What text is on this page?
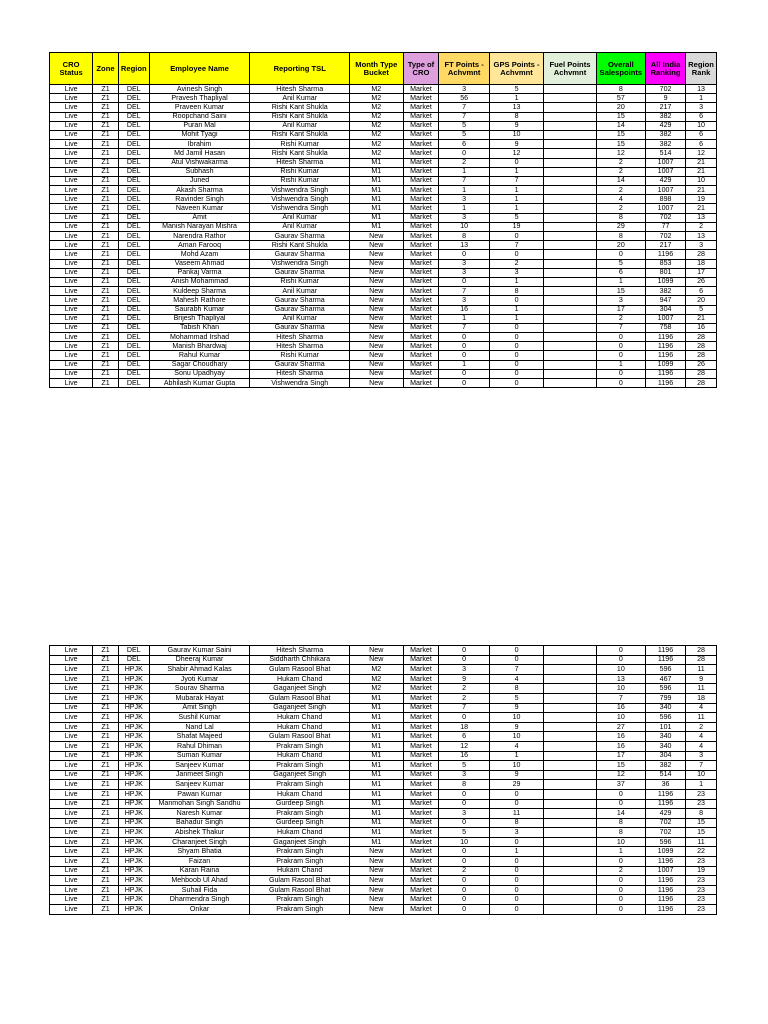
CRO Status	Zone	Region	Employee Name	Reporting TSL	Month Type Bucket	Type of CRO	FT Points - Achvmnt	GPS Points - Achvmnt	Fuel Points Achvmnt	Overall Salespoints	All India Ranking	Region Rank
Live	Z1	DEL	Avinesh Singh	Hitesh Sharma	M2	Market	3	5		8	702	13
Live	Z1	DEL	Pravesh Thapliyal	Anil Kumar	M2	Market	56	1		57	9	1
Live	Z1	DEL	Praveen Kumar	Rishi Kant Shukla	M2	Market	7	13		20	217	3
Live	Z1	DEL	Roopchand Saini	Rishi Kant Shukla	M2	Market	7	8		15	382	6
Live	Z1	DEL	Puran Mal	Anil Kumar	M2	Market	5	9		14	429	10
Live	Z1	DEL	Mohit Tyagi	Rishi Kant Shukla	M2	Market	5	10		15	382	6
Live	Z1	DEL	Ibrahim	Rishi Kumar	M2	Market	6	9		15	382	6
Live	Z1	DEL	Md Jamil Hasan	Rishi Kant Shukla	M2	Market	0	12		12	514	12
Live	Z1	DEL	Atul Vishwakarma	Hitesh Sharma	M1	Market	2	0		2	1007	21
Live	Z1	DEL	Subhash	Rishi Kumar	M1	Market	1	1		2	1007	21
Live	Z1	DEL	Juned	Rishi Kumar	M1	Market	7	7		14	429	10
Live	Z1	DEL	Akash Sharma	Vishwendra Singh	M1	Market	1	1		2	1007	21
Live	Z1	DEL	Ravinder Singh	Vishwendra Singh	M1	Market	3	1		4	898	19
Live	Z1	DEL	Naveen Kumar	Vishwendra Singh	M1	Market	1	1		2	1007	21
Live	Z1	DEL	Amit	Anil Kumar	M1	Market	3	5		8	702	13
Live	Z1	DEL	Manish Narayan Mishra	Anil Kumar	M1	Market	10	19		29	77	2
Live	Z1	DEL	Narendra Rathor	Gaurav Sharma	New	Market	8	0		8	702	13
Live	Z1	DEL	Aman Farooq	Rishi Kant Shukla	New	Market	13	7		20	217	3
Live	Z1	DEL	Mohd Azam	Gaurav Sharma	New	Market	0	0		0	1196	28
Live	Z1	DEL	Vaseem Ahmad	Vishwendra Singh	New	Market	3	2		5	853	18
Live	Z1	DEL	Pankaj Varma	Gaurav Sharma	New	Market	3	3		6	801	17
Live	Z1	DEL	Anish Mohammad	Rishi Kumar	New	Market	0	1		1	1099	26
Live	Z1	DEL	Kuldeep Sharma	Anil Kumar	New	Market	7	8		15	382	6
Live	Z1	DEL	Mahesh Rathore	Gaurav Sharma	New	Market	3	0		3	947	20
Live	Z1	DEL	Saurabh Kumar	Gaurav Sharma	New	Market	16	1		17	304	5
Live	Z1	DEL	Brijesh Thapliyal	Anil Kumar	New	Market	1	1		2	1007	21
Live	Z1	DEL	Tabish Khan	Gaurav Sharma	New	Market	7	0		7	758	16
Live	Z1	DEL	Mohammad Irshad	Hitesh Sharma	New	Market	0	0		0	1196	28
Live	Z1	DEL	Manish Bhardwaj	Hitesh Sharma	New	Market	0	0		0	1196	28
Live	Z1	DEL	Rahul Kumar	Rishi Kumar	New	Market	0	0		0	1196	28
Live	Z1	DEL	Sagar Choudhary	Gaurav Sharma	New	Market	1	0		1	1099	26
Live	Z1	DEL	Sonu Upadhyay	Hitesh Sharma	New	Market	0	0		0	1196	28
Live	Z1	DEL	Abhilash Kumar Gupta	Vishwendra Singh	New	Market	0	0		0	1196	28
Live	Z1	DEL	Gaurav Kumar Saini	Hitesh Sharma	New	Market	0	0		0	1196	28
Live	Z1	DEL	Dheeraj Kumar	Siddharth Chhikara	New	Market	0	0		0	1196	28
Live	Z1	HPJK	Shabir Ahmad Kalas	Gulam Rasool Bhat	M2	Market	3	7		10	596	11
Live	Z1	HPJK	Jyoti Kumar	Hukam Chand	M2	Market	9	4		13	467	9
Live	Z1	HPJK	Sourav Sharma	Gaganjeet Singh	M2	Market	2	8		10	596	11
Live	Z1	HPJK	Mubarak Hayat	Gulam Rasool Bhat	M1	Market	2	5		7	799	18
Live	Z1	HPJK	Amit Singh	Gaganjeet Singh	M1	Market	7	9		16	340	4
Live	Z1	HPJK	Sushil Kumar	Hukam Chand	M1	Market	0	10		10	596	11
Live	Z1	HPJK	Nand Lal	Hukam Chand	M1	Market	18	9		27	101	2
Live	Z1	HPJK	Shafat Majeed	Gulam Rasool Bhat	M1	Market	6	10		16	340	4
Live	Z1	HPJK	Rahul Dhiman	Prakram Singh	M1	Market	12	4		16	340	4
Live	Z1	HPJK	Suman Kumar	Hukam Chand	M1	Market	16	1		17	304	3
Live	Z1	HPJK	Sanjeev Kumar	Prakram Singh	M1	Market	5	10		15	382	7
Live	Z1	HPJK	Janmeet Singh	Gaganjeet Singh	M1	Market	3	9		12	514	10
Live	Z1	HPJK	Sanjeev Kumar	Prakram Singh	M1	Market	8	29		37	36	1
Live	Z1	HPJK	Pawan Kumar	Hukam Chand	M1	Market	0	0		0	1196	23
Live	Z1	HPJK	Manmohan Singh Sandhu	Gurdeep Singh	M1	Market	0	0		0	1196	23
Live	Z1	HPJK	Naresh Kumar	Prakram Singh	M1	Market	3	11		14	429	8
Live	Z1	HPJK	Bahadur Singh	Gurdeep Singh	M1	Market	0	8		8	702	15
Live	Z1	HPJK	Abishek Thakur	Hukam Chand	M1	Market	5	3		8	702	15
Live	Z1	HPJK	Charanjeet Singh	Gaganjeet Singh	M1	Market	10	0		10	596	11
Live	Z1	HPJK	Shyam Bhatia	Prakram Singh	New	Market	0	1		1	1099	22
Live	Z1	HPJK	Faizan	Prakram Singh	New	Market	0	0		0	1196	23
Live	Z1	HPJK	Karan Raina	Hukam Chand	New	Market	2	0		2	1007	19
Live	Z1	HPJK	Mehboob Ul Ahad	Gulam Rasool Bhat	New	Market	0	0		0	1196	23
Live	Z1	HPJK	Suhail Fida	Gulam Rasool Bhat	New	Market	0	0		0	1196	23
Live	Z1	HPJK	Dharmendra Singh	Prakram Singh	New	Market	0	0		0	1196	23
Live	Z1	HPJK	Onkar	Prakram Singh	New	Market	0	0		0	1196	23
